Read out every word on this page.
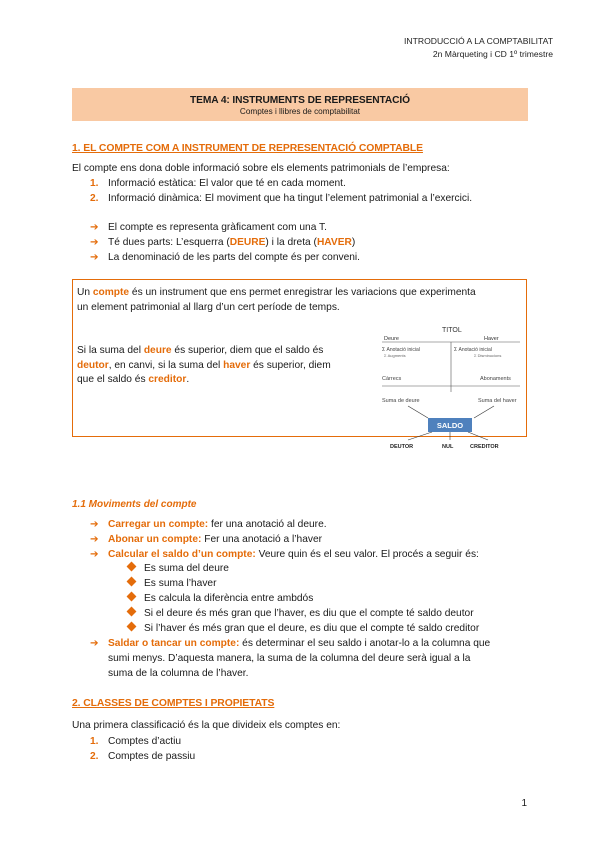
INTRODUCCIÓ A LA COMPTABILITAT
2n Màrqueting i CD 1º trimestre
TEMA 4: INSTRUMENTS DE REPRESENTACIÓ
Comptes i llibres de comptabilitat
1. EL COMPTE COM A INSTRUMENT DE REPRESENTACIÓ COMPTABLE
El compte ens dona doble informació sobre els elements patrimonials de l’empresa:
1. Informació estàtica: El valor que té en cada moment.
2. Informació dinàmica: El moviment que ha tingut l’element patrimonial a l’exercici.
➔ El compte es representa gràficament com una T.
➔ Té dues parts: L’esquerra (DEURE) i la dreta (HAVER)
➔ La denominació de les parts del compte és per conveni.
Un compte és un instrument que ens permet enregistrar les variacions que experimenta
un element patrimonial al llarg d’un cert període de temps.
Si la suma del deure és superior, diem que el saldo és
deutor, en canvi, si la suma del haver és superior, diem
que el saldo és creditor.
TITOL
Deure	Haver
Σ Anotació inicial
Σ Augments
Σ Anotació inicial
Σ Disminucions
Càrrecs	Abonaments
Suma de deure	Suma del haver
SALDO
DEUTOR	NUL	CREDITOR
1.1 Moviments del compte
➔ Carregar un compte: fer una anotació al deure.
➔ Abonar un compte: Fer una anotació a l’haver
➔ Calcular el saldo d’un compte: Veure quin és el seu valor. El procés a seguir és:
Es suma del deure
Es suma l’haver
Es calcula la diferència entre ambdós
Si el deure és més gran que l’haver, es diu que el compte té saldo deutor
Si l’haver és més gran que el deure, es diu que el compte té saldo creditor
➔ Saldar o tancar un compte: és determinar el seu saldo i anotar-lo a la columna que
sumi menys. D’aquesta manera, la suma de la columna del deure serà igual a la
suma de la columna de l’haver.
2. CLASSES DE COMPTES I PROPIETATS
Una primera classificació és la que divideix els comptes en:
1. Comptes d’actiu
2. Comptes de passiu
1
